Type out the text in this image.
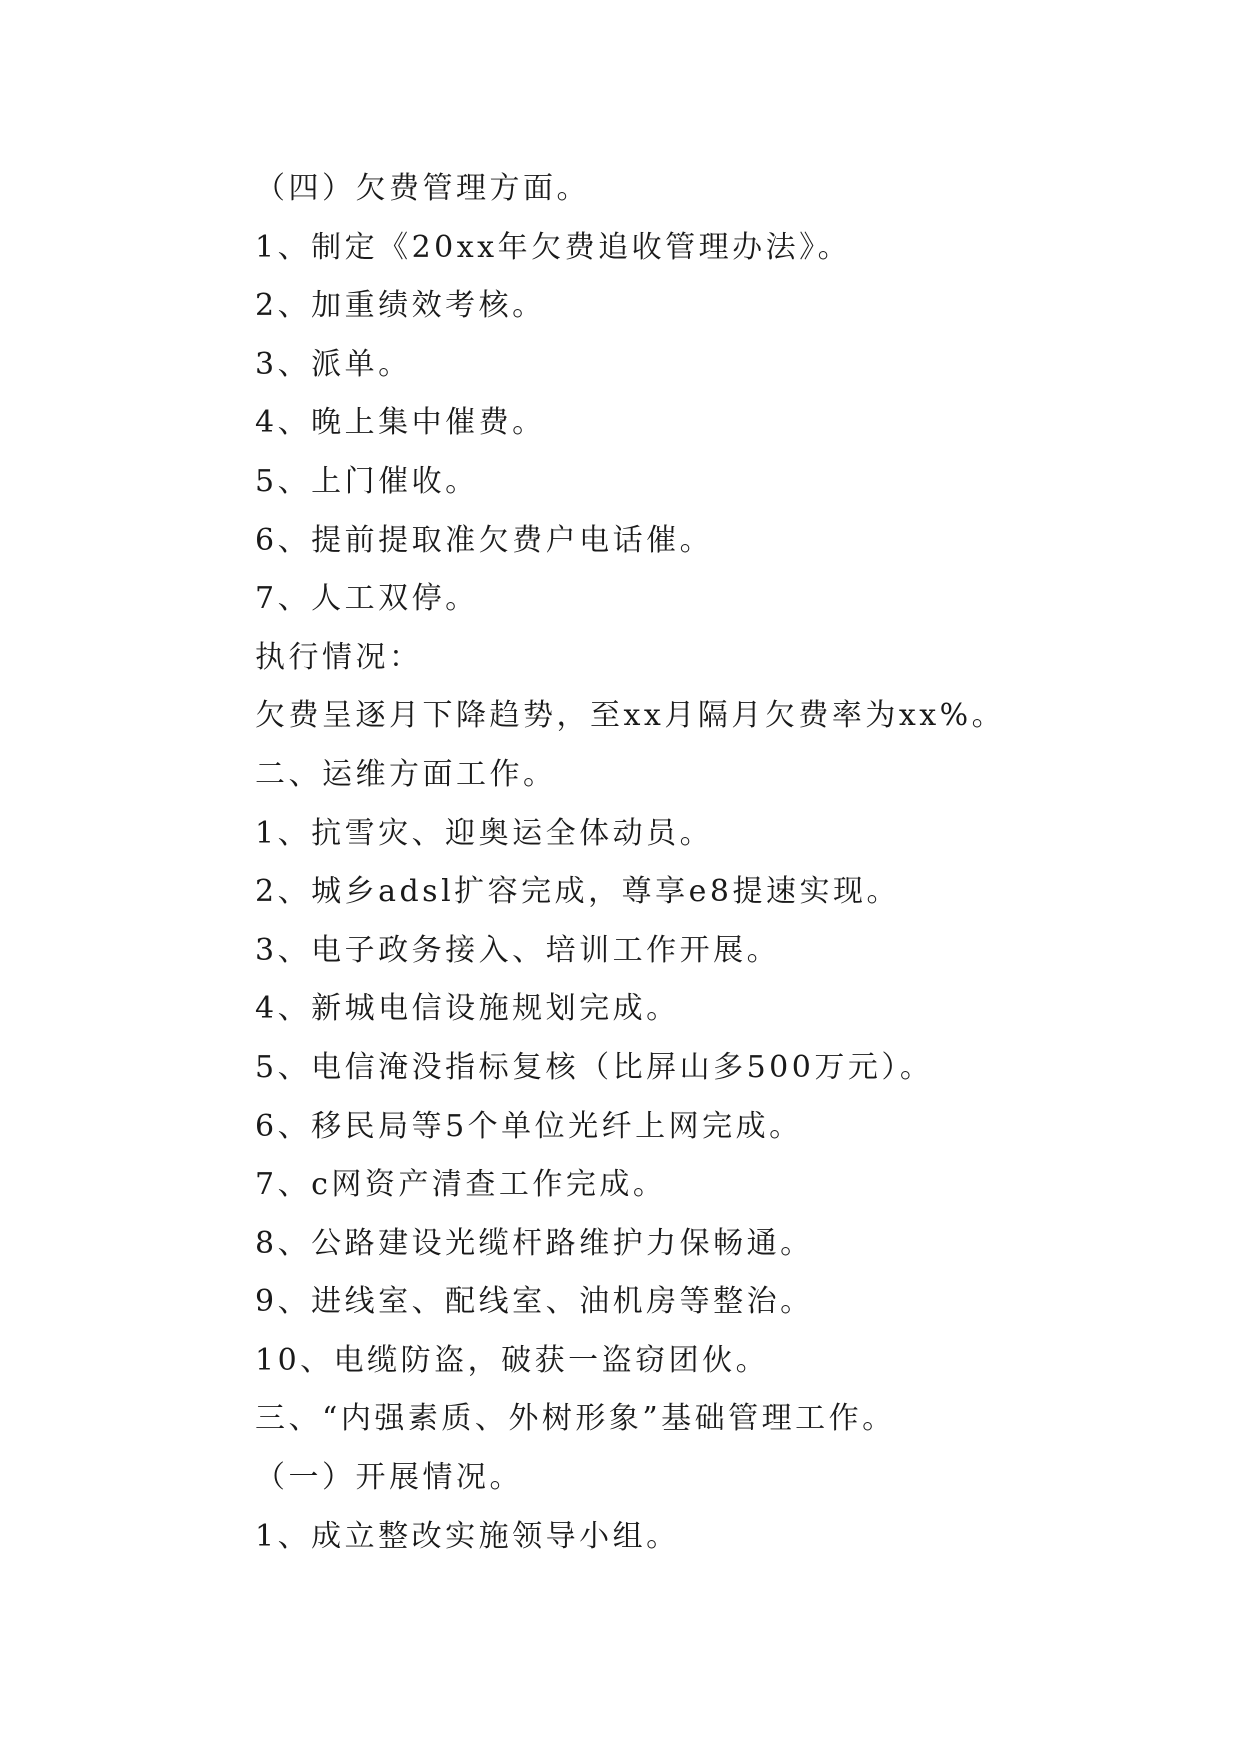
（四）欠费管理方面。
1、制定《20xx年欠费追收管理办法》。
2、加重绩效考核。
3、派单。
4、晚上集中催费。
5、上门催收。
6、提前提取准欠费户电话催。
7、人工双停。
执行情况：
欠费呈逐月下降趋势，至xx月隔月欠费率为xx%。
二、运维方面工作。
1、抗雪灾、迎奥运全体动员。
2、城乡adsl扩容完成，尊享e8提速实现。
3、电子政务接入、培训工作开展。
4、新城电信设施规划完成。
5、电信淹没指标复核（比屏山多500万元）。
6、移民局等5个单位光纤上网完成。
7、c网资产清查工作完成。
8、公路建设光缆杆路维护力保畅通。
9、进线室、配线室、油机房等整治。
10、电缆防盗，破获一盗窃团伙。
三、“内强素质、外树形象”基础管理工作。
（一）开展情况。
1、成立整改实施领导小组。
